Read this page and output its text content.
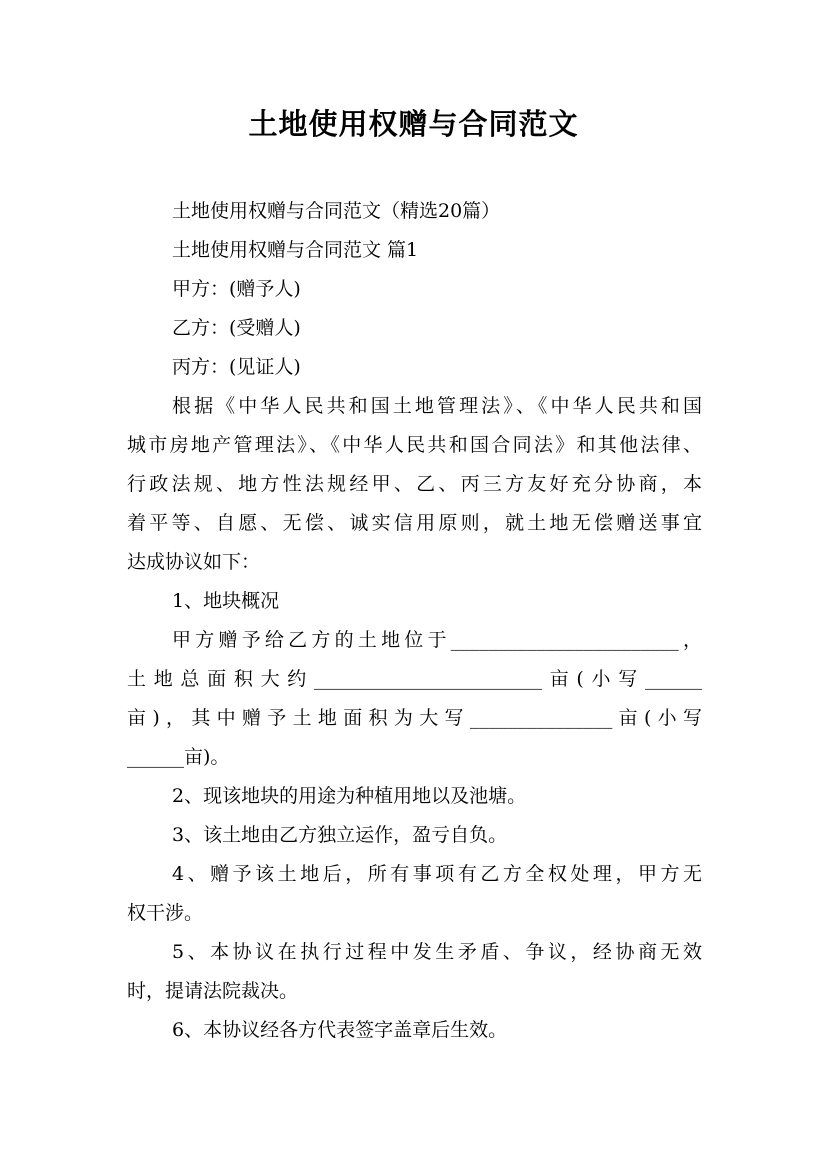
土地使用权赠与合同范文
土地使用权赠与合同范文（精选20篇）
土地使用权赠与合同范文 篇1
甲方：(赠予人)
乙方：(受赠人)
丙方：(见证人)
根据《中华人民共和国土地管理法》、《中华人民共和国
城市房地产管理法》、《中华人民共和国合同法》和其他法律、
行政法规、地方性法规经甲、乙、丙三方友好充分协商，本
着平等、自愿、无偿、诚实信用原则，就土地无偿赠送事宜
达成协议如下：
1、地块概况
甲方赠予给乙方的土地位于________________________，
土地总面积大约________________________亩(小写______
亩)，其中赠予土地面积为大写_______________亩(小写
______亩)。
2、现该地块的用途为种植用地以及池塘。
3、该土地由乙方独立运作，盈亏自负。
4、赠予该土地后，所有事项有乙方全权处理，甲方无
权干涉。
5、本协议在执行过程中发生矛盾、争议，经协商无效
时，提请法院裁决。
6、本协议经各方代表签字盖章后生效。
